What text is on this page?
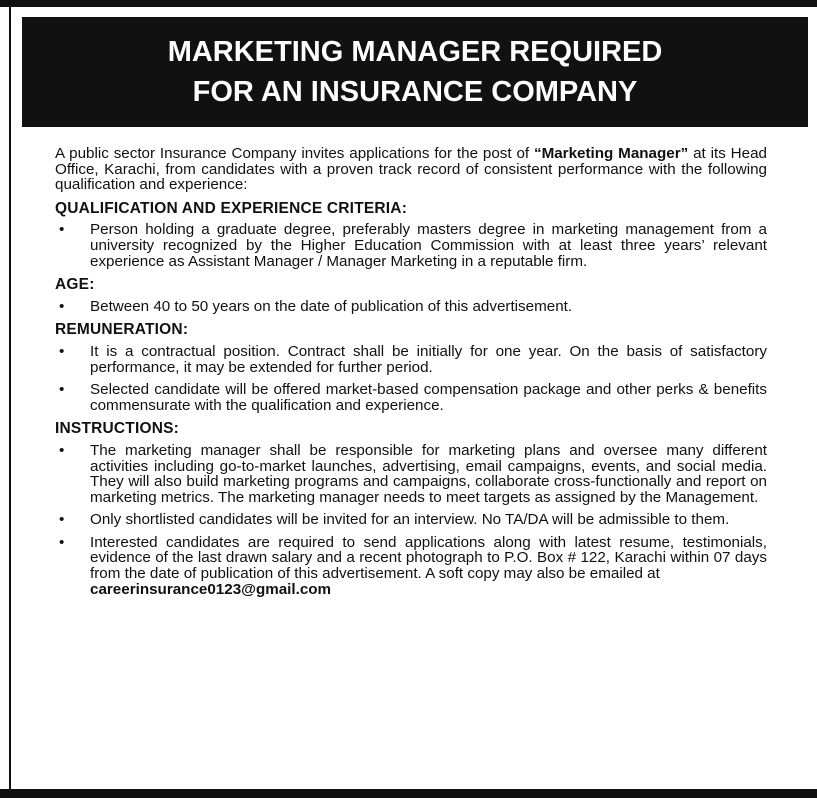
MARKETING MANAGER REQUIRED
FOR AN INSURANCE COMPANY

A public sector Insurance Company invites applications for the post of “Marketing Manager” at its Head Office, Karachi, from candidates with a proven track record of consistent performance with the following qualification and experience:

QUALIFICATION AND EXPERIENCE CRITERIA:
• Person holding a graduate degree, preferably masters degree in marketing management from a university recognized by the Higher Education Commission with at least three years’ relevant experience as Assistant Manager / Manager Marketing in a reputable firm.
AGE:
• Between 40 to 50 years on the date of publication of this advertisement.
REMUNERATION:
• It is a contractual position. Contract shall be initially for one year. On the basis of satisfactory performance, it may be extended for further period.
• Selected candidate will be offered market-based compensation package and other perks & benefits commensurate with the qualification and experience.
INSTRUCTIONS:
• The marketing manager shall be responsible for marketing plans and oversee many different activities including go-to-market launches, advertising, email campaigns, events, and social media. They will also build marketing programs and campaigns, collaborate cross-functionally and report on marketing metrics. The marketing manager needs to meet targets as assigned by the Management.
• Only shortlisted candidates will be invited for an interview. No TA/DA will be admissible to them.
• Interested candidates are required to send applications along with latest resume, testimonials, evidence of the last drawn salary and a recent photograph to P.O. Box # 122, Karachi within 07 days from the date of publication of this advertisement. A soft copy may also be emailed at
careerinsurance0123@gmail.com
